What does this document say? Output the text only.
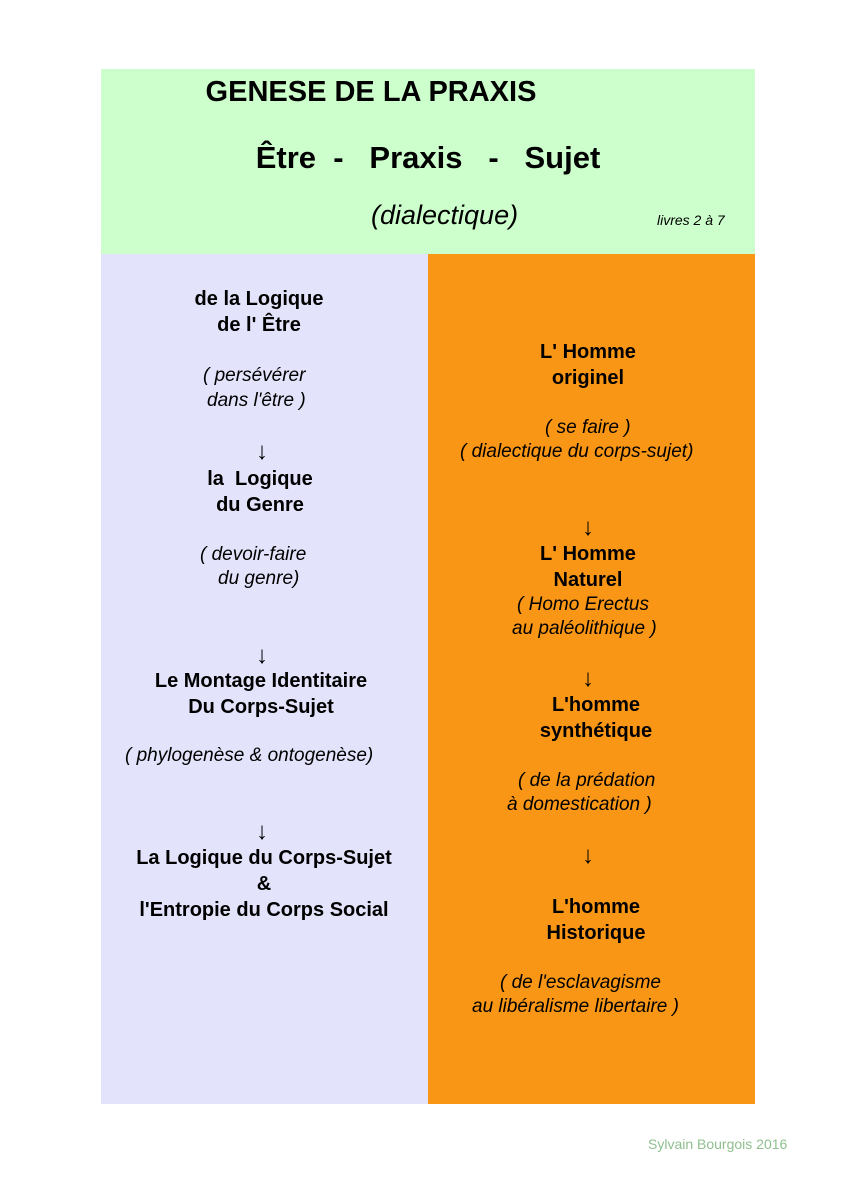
GENESE DE LA PRAXIS
Être  -   Praxis   -   Sujet
(dialectique)	livres 2 à 7
de la Logique
de l' Être
( persévérer
dans l'être )
↓
la  Logique
du Genre
( devoir-faire
du genre)
↓
Le Montage Identitaire
Du Corps-Sujet
( phylogenèse & ontogenèse)
↓
La Logique du Corps-Sujet
&
l'Entropie du Corps Social
L' Homme
originel
( se faire )
( dialectique du corps-sujet)
↓
L' Homme
Naturel
( Homo Erectus
au paléolithique )
↓
L'homme
synthétique
( de la prédation
à domestication )
↓
L'homme
Historique
( de l'esclavagisme
au libéralisme libertaire )
Sylvain Bourgois 2016
